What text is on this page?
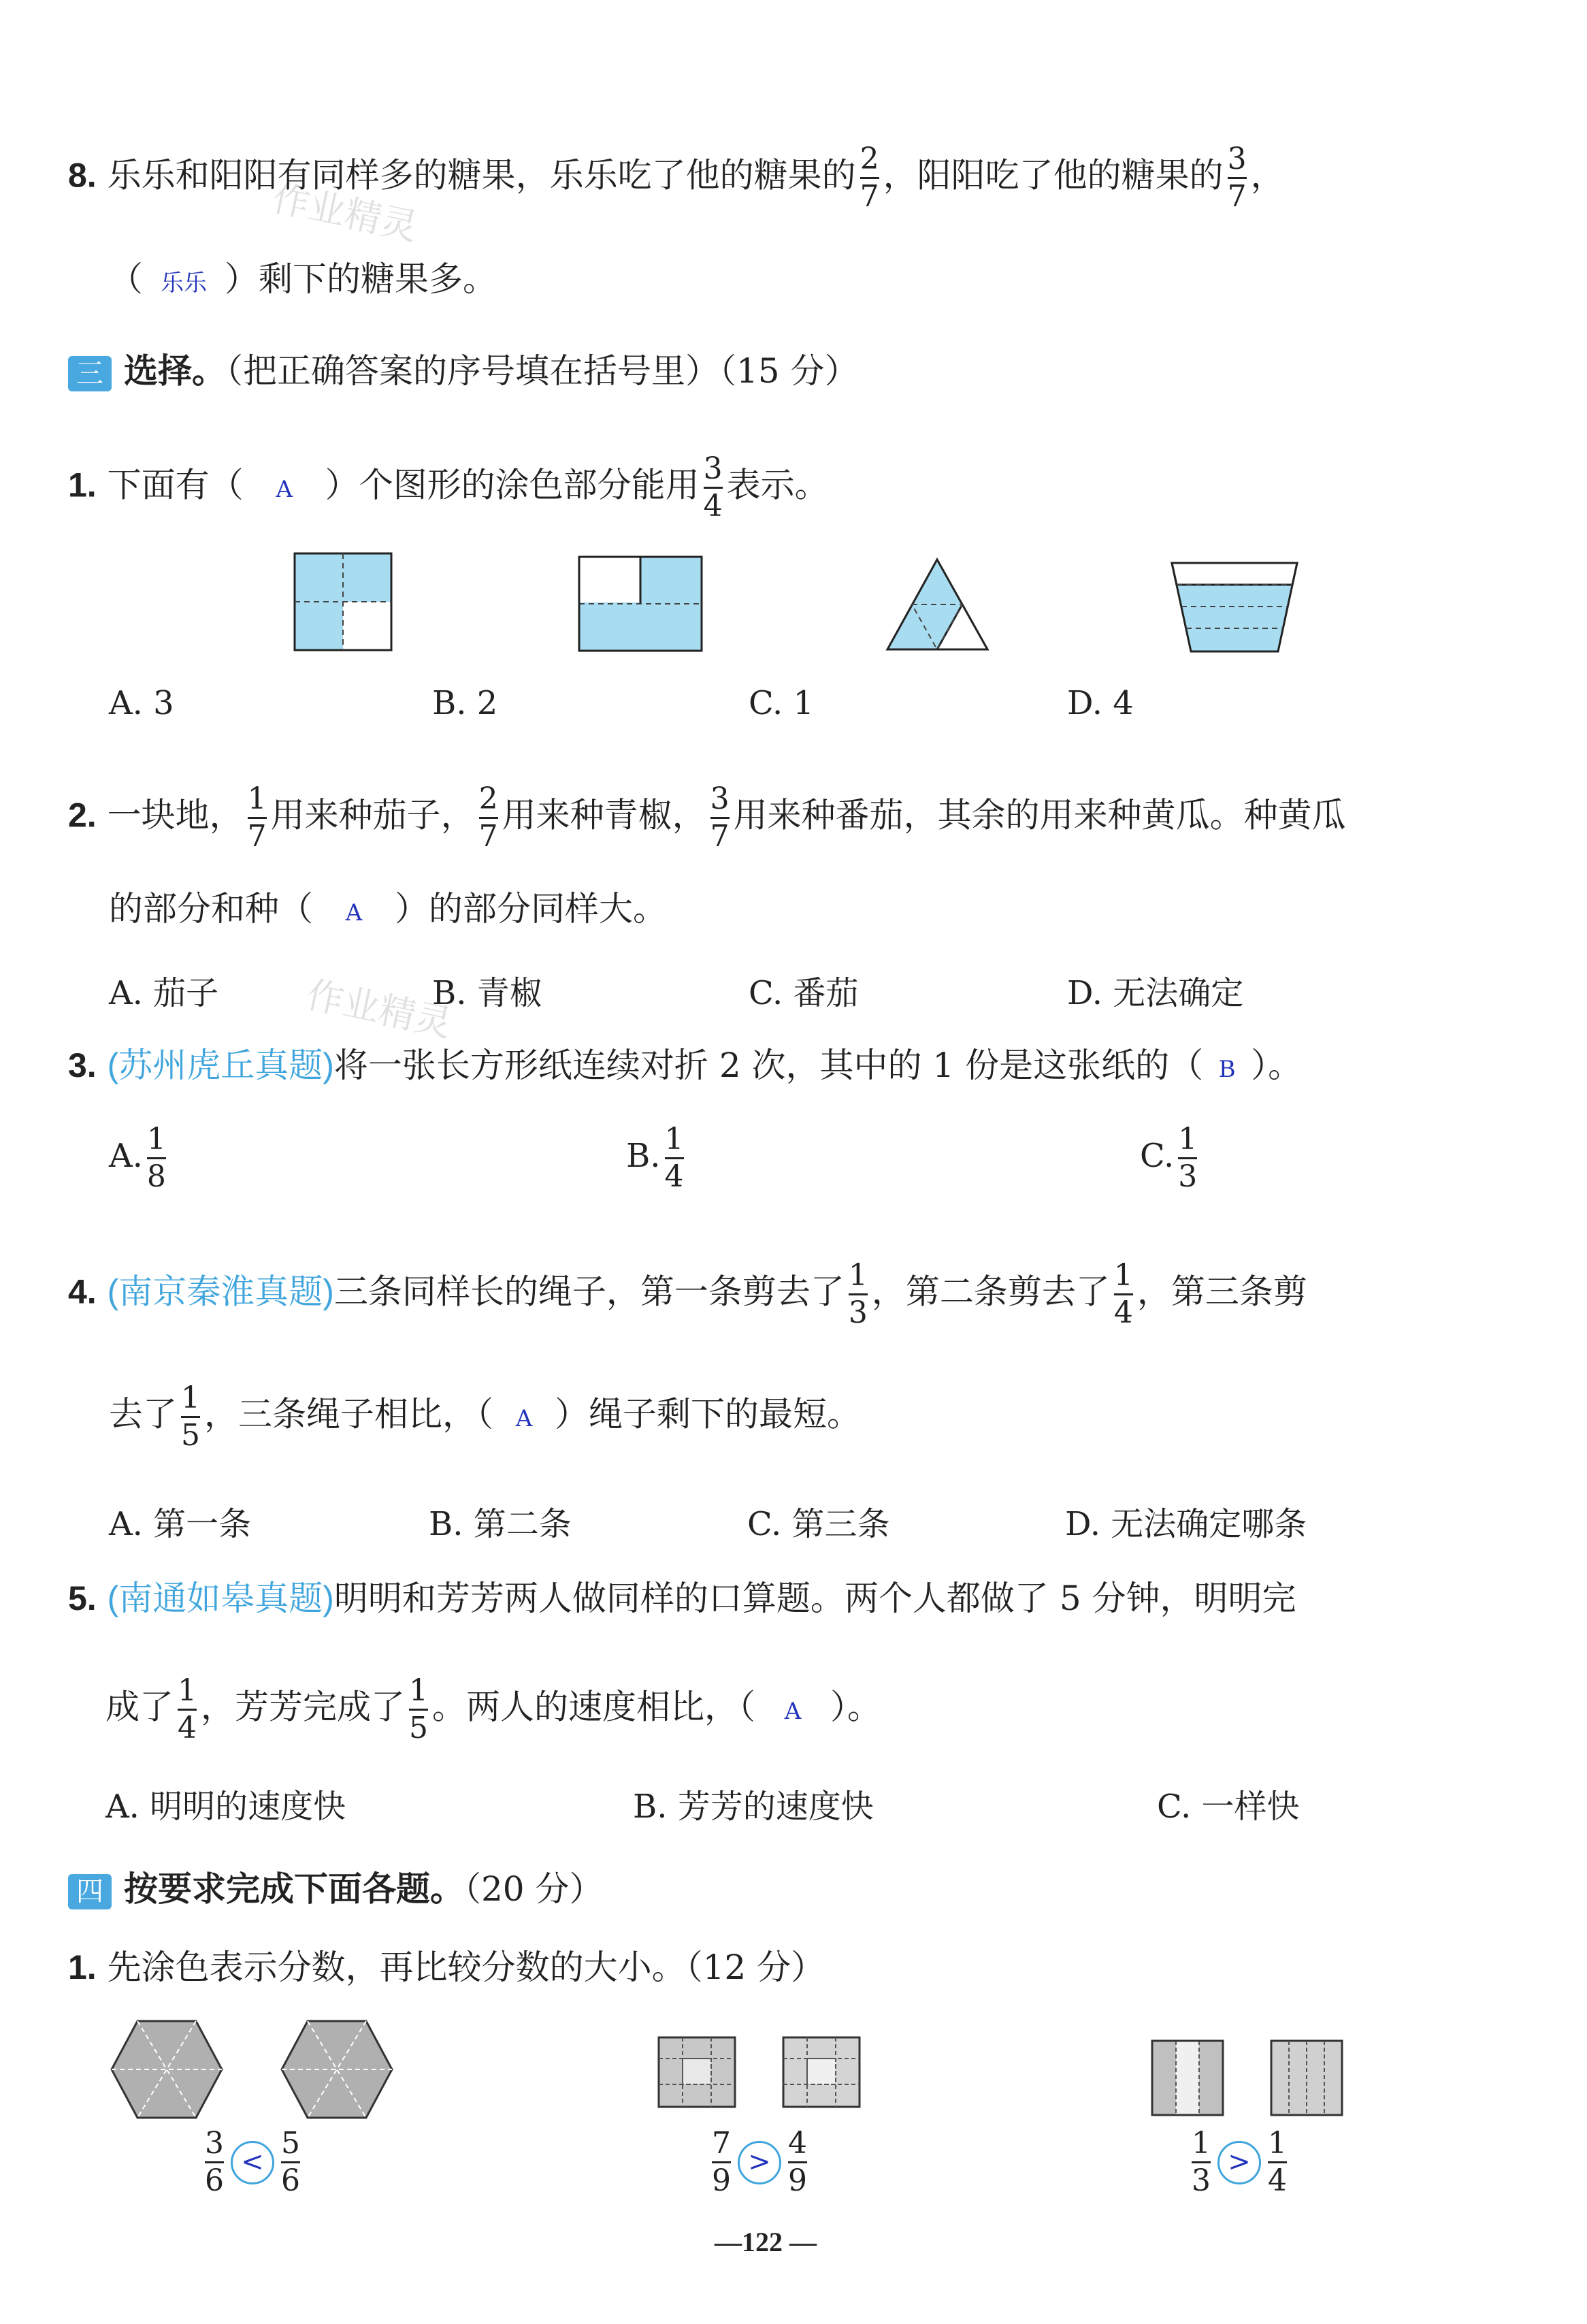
作业精灵
作业精灵
8. 乐乐和阳阳有同样多的糖果，乐乐吃了他的糖果的 $\frac{2}{7}$ ，阳阳吃了他的糖果的 $\frac{3}{7}$ ，
（ 乐乐 ）剩下的糖果多。
三 选择。（把正确答案的序号填在括号里）（15 分）
1. 下面有（ A ）个图形的涂色部分能用 $\frac{3}{4}$ 表示。
A. 3	B. 2	C. 1	D. 4
2. 一块地， $\frac{1}{7}$ 用来种茄子， $\frac{2}{7}$ 用来种青椒， $\frac{3}{7}$ 用来种番茄，其余的用来种黄瓜。种黄瓜
的部分和种（ A ）的部分同样大。
A. 茄子	B. 青椒	C. 番茄	D. 无法确定
3. (苏州虎丘真题)将一张长方形纸连续对折 2 次，其中的 1 份是这张纸的（ B ）。
A. $\frac{1}{8}$	B. $\frac{1}{4}$	C. $\frac{1}{3}$
4. (南京秦淮真题)三条同样长的绳子，第一条剪去了 $\frac{1}{3}$ ，第二条剪去了 $\frac{1}{4}$ ，第三条剪
去了 $\frac{1}{5}$ ，三条绳子相比，（ A ）绳子剩下的最短。
A. 第一条	B. 第二条	C. 第三条	D. 无法确定哪条
5. (南通如皋真题)明明和芳芳两人做同样的口算题。两个人都做了 5 分钟，明明完
成了 $\frac{1}{4}$ ，芳芳完成了 $\frac{1}{5}$ 。两人的速度相比，（ A ）。
A. 明明的速度快	B. 芳芳的速度快	C. 一样快
四 按要求完成下面各题。（20 分）
1. 先涂色表示分数，再比较分数的大小。（12 分）
$\frac{3}{6} < \frac{5}{6}$	$\frac{7}{9} > \frac{4}{9}$	$\frac{1}{3} > \frac{1}{4}$
—122 —
